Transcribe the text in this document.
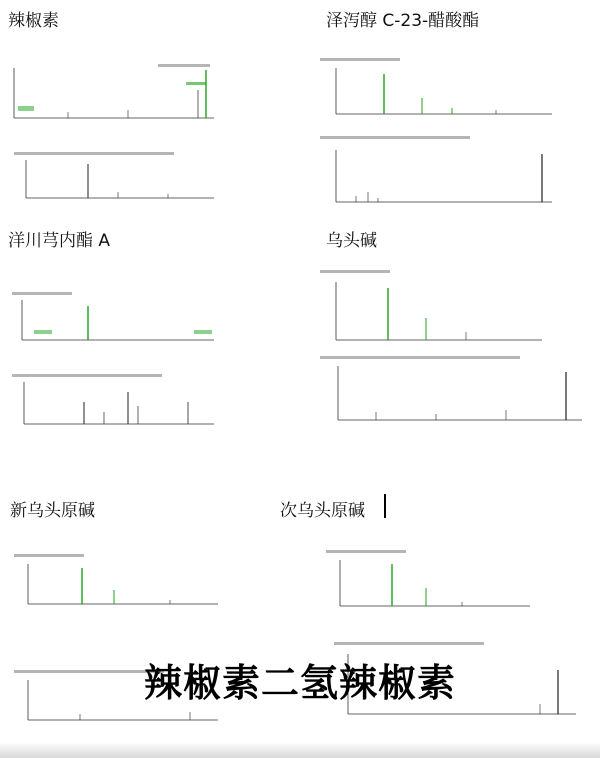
辣椒素	泽泻醇 C-23-醋酸酯
洋川芎内酯 A	乌头碱
新乌头原碱	次乌头原碱
辣椒素二氢辣椒素
